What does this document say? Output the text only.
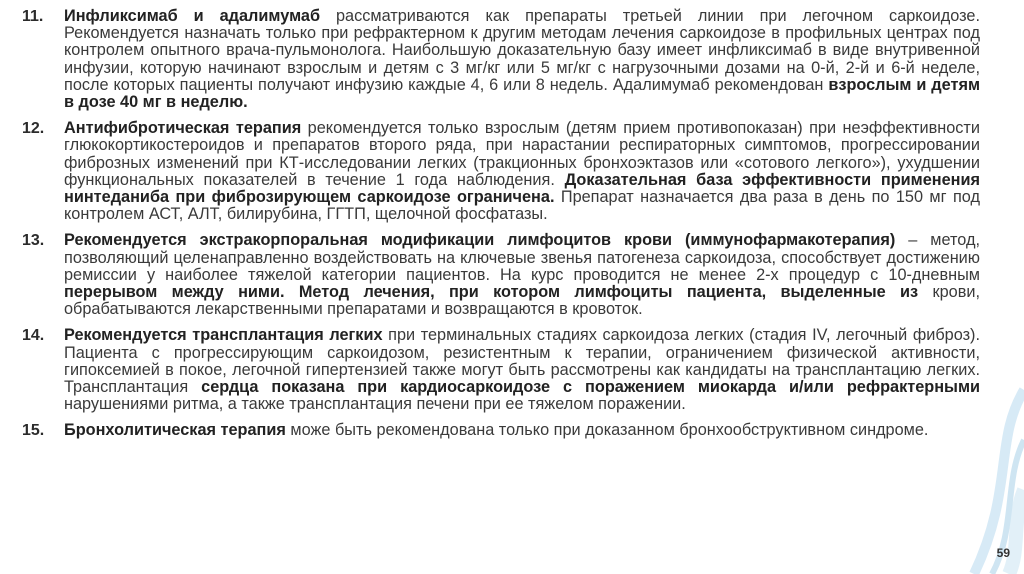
11.	Инфликсимаб и адалимумаб рассматриваются как препараты третьей линии при легочном саркоидозе. Рекомендуется назначать только при рефрактерном к другим методам лечения саркоидозе в профильных центрах под контролем опытного врача-пульмонолога. Наибольшую доказательную базу имеет инфликсимаб в виде внутривенной инфузии, которую начинают взрослым и детям с 3 мг/кг или 5 мг/кг с нагрузочными дозами на 0-й, 2-й и 6-й неделе, после которых пациенты получают инфузию каждые 4, 6 или 8 недель. Адалимумаб рекомендован взрослым и детям в дозе 40 мг в неделю.
12.	Антифибротическая терапия рекомендуется только взрослым (детям прием противопоказан) при неэффективности глюкокортикостероидов и препаратов второго ряда, при нарастании респираторных симптомов, прогрессировании фиброзных изменений при КТ-исследовании легких (тракционных бронхоэктазов или «сотового легкого»), ухудшении функциональных показателей в течение 1 года наблюдения. Доказательная база эффективности применения нинтеданиба при фиброзирующем саркоидозе ограничена. Препарат назначается два раза в день по 150 мг под контролем АСТ, АЛТ, билирубина, ГГТП, щелочной фосфатазы.
13.	Рекомендуется экстракорпоральная модификации лимфоцитов крови (иммунофармакотерапия) – метод, позволяющий целенаправленно воздействовать на ключевые звенья патогенеза саркоидоза, способствует достижению ремиссии у наиболее тяжелой категории пациентов. На курс проводится не менее 2-х процедур с 10-дневным перерывом между ними. Метод лечения, при котором лимфоциты пациента, выделенные из крови, обрабатываются лекарственными препаратами и возвращаются в кровоток.
14.	Рекомендуется трансплантация легких при терминальных стадиях саркоидоза легких (стадия IV, легочный фиброз). Пациента с прогрессирующим саркоидозом, резистентным к терапии, ограничением физической активности, гипоксемией в покое, легочной гипертензией также могут быть рассмотрены как кандидаты на трансплантацию легких. Трансплантация сердца показана при кардиосаркоидозе с поражением миокарда и/или рефрактерными нарушениями ритма, а также трансплантация печени при ее тяжелом поражении.
15.	Бронхолитическая терапия може быть рекомендована только при доказанном бронхообструктивном синдроме.
59
